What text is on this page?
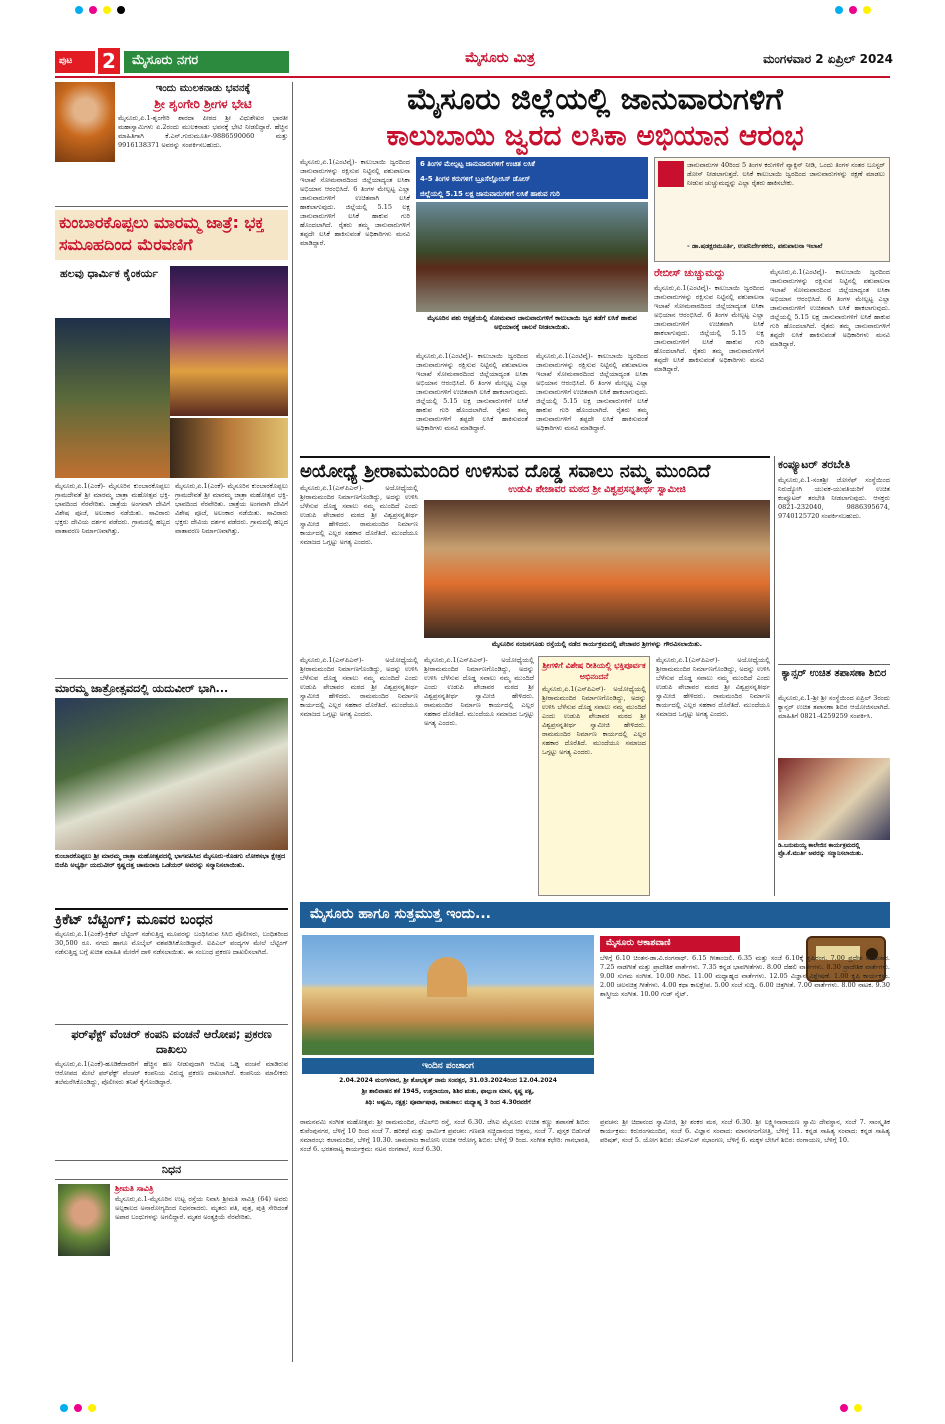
ಪುಟ	2	ಮೈಸೂರು ನಗರ	ಮೈಸೂರು ಮಿತ್ರ	ಮಂಗಳವಾರ 2 ಏಪ್ರಿಲ್ 2024
ಇಂದು ಮುಲಕನಾಡು ಭವನಕ್ಕೆ
ಶ್ರೀ ಶೃಂಗೇರಿ ಶ್ರೀಗಳ ಭೇಟಿ
ಮೈಸೂರು,ಏ.1-ಶೃಂಗೇರಿ ಶಾರದಾ ಪೀಠದ ಶ್ರೀ ವಿಧುಶೇಖರ ಭಾರತೀ ಮಹಾಸ್ವಾಮಿಗಳು ಏ.2ರಂದು ಮುಲಕನಾಡು ಭವನಕ್ಕೆ ಭೇಟಿ ನೀಡಲಿದ್ದಾರೆ. ಹೆಚ್ಚಿನ ಮಾಹಿತಿಗಾಗಿ ಕೆ.ಎನ್.ಗುರುಮೂರ್ತಿ-9886590060 ಮತ್ತು 9916138371 ಅವರನ್ನು ಸಂಪರ್ಕಿಸಬಹುದು.
ಕುಂಬಾರಕೊಪ್ಪಲು ಮಾರಮ್ಮ ಜಾತ್ರೆ: ಭಕ್ತ ಸಮೂಹದಿಂದ ಮೆರವಣಿಗೆ
ಹಲವು ಧಾರ್ಮಿಕ ಕೈಂಕರ್ಯ
ಮೈಸೂರು,ಏ.1(ಎಂಕೆ)- ಮೈಸೂರಿನ ಕುಂಬಾರಕೊಪ್ಪಲು ಗ್ರಾಮದೇವತೆ ಶ್ರೀ ಮಾರಮ್ಮ ಜಾತ್ರಾ ಮಹೋತ್ಸವ ಭಕ್ತಿ-ಭಾವದಿಂದ ನೆರವೇರಿತು. ಜಾತ್ರೆಯ ಅಂಗವಾಗಿ ದೇವಿಗೆ ವಿಶೇಷ ಪೂಜೆ, ಅಲಂಕಾರ ನಡೆಯಿತು. ಸಾವಿರಾರು ಭಕ್ತರು ದೇವಿಯ ದರ್ಶನ ಪಡೆದರು. ಗ್ರಾಮದಲ್ಲಿ ಹಬ್ಬದ ವಾತಾವರಣ ನಿರ್ಮಾಣವಾಗಿತ್ತು.
ಮೈಸೂರು,ಏ.1(ಎಂಕೆ)- ಮೈಸೂರಿನ ಕುಂಬಾರಕೊಪ್ಪಲು ಗ್ರಾಮದೇವತೆ ಶ್ರೀ ಮಾರಮ್ಮ ಜಾತ್ರಾ ಮಹೋತ್ಸವ ಭಕ್ತಿ-ಭಾವದಿಂದ ನೆರವೇರಿತು. ಜಾತ್ರೆಯ ಅಂಗವಾಗಿ ದೇವಿಗೆ ವಿಶೇಷ ಪೂಜೆ, ಅಲಂಕಾರ ನಡೆಯಿತು. ಸಾವಿರಾರು ಭಕ್ತರು ದೇವಿಯ ದರ್ಶನ ಪಡೆದರು. ಗ್ರಾಮದಲ್ಲಿ ಹಬ್ಬದ ವಾತಾವರಣ ನಿರ್ಮಾಣವಾಗಿತ್ತು.
ಮಾರಮ್ಮ ಜಾತ್ರೋತ್ಸವದಲ್ಲಿ ಯದುವೀರ್ ಭಾಗಿ...
ಕುಂಬಾರಕೊಪ್ಪಲು ಶ್ರೀ ಮಾರಮ್ಮ ಜಾತ್ರಾ ಮಹೋತ್ಸವದಲ್ಲಿ ಭಾಗವಹಿಸಿದ ಮೈಸೂರು-ಕೊಡಗು ಲೋಕಸಭಾ ಕ್ಷೇತ್ರದ ಬಿಜೆಪಿ ಅಭ್ಯರ್ಥಿ ಯದುವೀರ್ ಕೃಷ್ಣದತ್ತ ಚಾಮರಾಜ ಒಡೆಯರ್ ಅವರನ್ನು ಸನ್ಮಾನಿಸಲಾಯಿತು.
ಕ್ರಿಕೆಟ್ ಬೆಟ್ಟಿಂಗ್; ಮೂವರ ಬಂಧನ
ಮೈಸೂರು,ಏ.1(ಎಂಕೆ)-ಕ್ರಿಕೆಟ್ ಬೆಟ್ಟಿಂಗ್ ನಡೆಸುತ್ತಿದ್ದ ಮೂವರನ್ನು ಬಂಧಿಸಿರುವ ಸಿಸಿಬಿ ಪೊಲೀಸರು, ಬಂಧಿತರಿಂದ 30,500 ರೂ. ನಗದು ಹಾಗೂ ಮೊಬೈಲ್ ವಶಪಡಿಸಿಕೊಂಡಿದ್ದಾರೆ. ಐಪಿಎಲ್ ಪಂದ್ಯಗಳ ಮೇಲೆ ಬೆಟ್ಟಿಂಗ್ ನಡೆಸುತ್ತಿದ್ದ ಬಗ್ಗೆ ಖಚಿತ ಮಾಹಿತಿ ಮೇರೆಗೆ ದಾಳಿ ನಡೆಸಲಾಯಿತು. ಈ ಸಂಬಂಧ ಪ್ರಕರಣ ದಾಖಲಿಸಲಾಗಿದೆ.
ಫರ್‌ಫೆಕ್ಟ್ ವೆಂಚರ್ ಕಂಪನಿ ವಂಚನೆ ಆರೋಪ; ಪ್ರಕರಣ ದಾಖಲು
ಮೈಸೂರು,ಏ.1(ಎಂಕೆ)-ಹೂಡಿಕೆದಾರರಿಗೆ ಹೆಚ್ಚಿನ ಹಣ ನೀಡುವುದಾಗಿ ಆಮಿಷ ಒಡ್ಡಿ ವಂಚನೆ ಮಾಡಿರುವ ಆರೋಪದ ಮೇಲೆ ಫರ್‌ಫೆಕ್ಟ್ ವೆಂಚರ್ ಕಂಪನಿಯ ವಿರುದ್ಧ ಪ್ರಕರಣ ದಾಖಲಾಗಿದೆ. ಕಂಪನಿಯ ಮಾಲೀಕರು ತಲೆಮರೆಸಿಕೊಂಡಿದ್ದು, ಪೊಲೀಸರು ತನಿಖೆ ಕೈಗೊಂಡಿದ್ದಾರೆ.
ನಿಧನ
ಶ್ರೀಮತಿ ಸಾವಿತ್ರಿ
ಮೈಸೂರು,ಏ.1-ಮೈಸೂರಿನ ಉಟ್ಟ ರಸ್ತೆಯ ನಿವಾಸಿ ಶ್ರೀಮತಿ ಸಾವಿತ್ರಿ (64) ಅವರು ಅಲ್ಪಕಾಲದ ಅನಾರೋಗ್ಯದಿಂದ ನಿಧನರಾದರು. ಮೃತರು ಪತಿ, ಪುತ್ರ, ಪುತ್ರಿ ಸೇರಿದಂತೆ ಅಪಾರ ಬಂಧುಗಳನ್ನು ಅಗಲಿದ್ದಾರೆ. ಮೃತರ ಅಂತ್ಯಕ್ರಿಯೆ ನೆರವೇರಿತು.
ಮೈಸೂರು ಜಿಲ್ಲೆಯಲ್ಲಿ ಜಾನುವಾರುಗಳಿಗೆ
ಕಾಲುಬಾಯಿ ಜ್ವರದ ಲಸಿಕಾ ಅಭಿಯಾನ ಆರಂಭ
ಮೈಸೂರು,ಏ.1(ಎಂಟಿವೈ)- ಕಾಲುಬಾಯಿ ಜ್ವರದಿಂದ ಜಾನುವಾರುಗಳನ್ನು ರಕ್ಷಿಸುವ ನಿಟ್ಟಿನಲ್ಲಿ ಪಶುಪಾಲನಾ ಇಲಾಖೆ ಸೋಮವಾರದಿಂದ ಜಿಲ್ಲೆಯಾದ್ಯಂತ ಲಸಿಕಾ ಅಭಿಯಾನ ಆರಂಭಿಸಿದೆ. 6 ತಿಂಗಳ ಮೇಲ್ಪಟ್ಟ ಎಲ್ಲಾ ಜಾನುವಾರುಗಳಿಗೆ ಉಚಿತವಾಗಿ ಲಸಿಕೆ ಹಾಕಲಾಗುವುದು. ಜಿಲ್ಲೆಯಲ್ಲಿ 5.15 ಲಕ್ಷ ಜಾನುವಾರುಗಳಿಗೆ ಲಸಿಕೆ ಹಾಕುವ ಗುರಿ ಹೊಂದಲಾಗಿದೆ. ರೈತರು ತಮ್ಮ ಜಾನುವಾರುಗಳಿಗೆ ತಪ್ಪದೇ ಲಸಿಕೆ ಹಾಕಿಸುವಂತೆ ಅಧಿಕಾರಿಗಳು ಮನವಿ ಮಾಡಿದ್ದಾರೆ.
6 ತಿಂಗಳ ಮೇಲ್ಪಟ್ಟ ಜಾನುವಾರುಗಳಿಗೆ ಉಚಿತ ಲಸಿಕೆ
4-5 ತಿಂಗಳ ಕರುಗಳಿಗೆ ಬ್ರೂಸೆಲ್ಲೋಸಿಸ್ ಡೋಸ್
ಜಿಲ್ಲೆಯಲ್ಲಿ 5.15 ಲಕ್ಷ ಜಾನುವಾರುಗಳಿಗೆ ಲಸಿಕೆ ಹಾಕುವ ಗುರಿ
ಮೈಸೂರಿನ ಪಶು ಆಸ್ಪತ್ರೆಯಲ್ಲಿ ಸೋಮವಾರ ಜಾನುವಾರುಗಳಿಗೆ ಕಾಲುಬಾಯಿ ಜ್ವರ ತಡೆಗೆ ಲಸಿಕೆ ಹಾಕುವ ಅಭಿಯಾನಕ್ಕೆ ಚಾಲನೆ ನೀಡಲಾಯಿತು.
ಮೈಸೂರು,ಏ.1(ಎಂಟಿವೈ)- ಕಾಲುಬಾಯಿ ಜ್ವರದಿಂದ ಜಾನುವಾರುಗಳನ್ನು ರಕ್ಷಿಸುವ ನಿಟ್ಟಿನಲ್ಲಿ ಪಶುಪಾಲನಾ ಇಲಾಖೆ ಸೋಮವಾರದಿಂದ ಜಿಲ್ಲೆಯಾದ್ಯಂತ ಲಸಿಕಾ ಅಭಿಯಾನ ಆರಂಭಿಸಿದೆ. 6 ತಿಂಗಳ ಮೇಲ್ಪಟ್ಟ ಎಲ್ಲಾ ಜಾನುವಾರುಗಳಿಗೆ ಉಚಿತವಾಗಿ ಲಸಿಕೆ ಹಾಕಲಾಗುವುದು. ಜಿಲ್ಲೆಯಲ್ಲಿ 5.15 ಲಕ್ಷ ಜಾನುವಾರುಗಳಿಗೆ ಲಸಿಕೆ ಹಾಕುವ ಗುರಿ ಹೊಂದಲಾಗಿದೆ. ರೈತರು ತಮ್ಮ ಜಾನುವಾರುಗಳಿಗೆ ತಪ್ಪದೇ ಲಸಿಕೆ ಹಾಕಿಸುವಂತೆ ಅಧಿಕಾರಿಗಳು ಮನವಿ ಮಾಡಿದ್ದಾರೆ.
ಮೈಸೂರು,ಏ.1(ಎಂಟಿವೈ)- ಕಾಲುಬಾಯಿ ಜ್ವರದಿಂದ ಜಾನುವಾರುಗಳನ್ನು ರಕ್ಷಿಸುವ ನಿಟ್ಟಿನಲ್ಲಿ ಪಶುಪಾಲನಾ ಇಲಾಖೆ ಸೋಮವಾರದಿಂದ ಜಿಲ್ಲೆಯಾದ್ಯಂತ ಲಸಿಕಾ ಅಭಿಯಾನ ಆರಂಭಿಸಿದೆ. 6 ತಿಂಗಳ ಮೇಲ್ಪಟ್ಟ ಎಲ್ಲಾ ಜಾನುವಾರುಗಳಿಗೆ ಉಚಿತವಾಗಿ ಲಸಿಕೆ ಹಾಕಲಾಗುವುದು. ಜಿಲ್ಲೆಯಲ್ಲಿ 5.15 ಲಕ್ಷ ಜಾನುವಾರುಗಳಿಗೆ ಲಸಿಕೆ ಹಾಕುವ ಗುರಿ ಹೊಂದಲಾಗಿದೆ. ರೈತರು ತಮ್ಮ ಜಾನುವಾರುಗಳಿಗೆ ತಪ್ಪದೇ ಲಸಿಕೆ ಹಾಕಿಸುವಂತೆ ಅಧಿಕಾರಿಗಳು ಮನವಿ ಮಾಡಿದ್ದಾರೆ.
ಜಾನುವಾರುಗಳ 40ರಿಂದ 5 ತಿಂಗಳ ಕರುಗಳಿಗೆ ವ್ಯಾಕ್ಸಿನ್ ನೀಡಿ, ಒಂದು ತಿಂಗಳ ನಂತರ ಬೂಸ್ಟರ್ ಡೋಸ್ ನೀಡಲಾಗುತ್ತದೆ. ಲಸಿಕೆ ಕಾಲುಬಾಯಿ ಜ್ವರದಿಂದ ಜಾನುವಾರುಗಳನ್ನು ರಕ್ಷಣೆ ಮಾಡಲು ನೀಡುವ ಚುಚ್ಚುಮದ್ದನ್ನು ಎಲ್ಲಾ ರೈತರು ಹಾಕಿಸಬೇಕು.
- ಡಾ.ಷಡಕ್ಷರಮೂರ್ತಿ, ಉಪನಿರ್ದೇಶಕರು, ಪಶುಪಾಲನಾ ಇಲಾಖೆ
ರೇಬೀಸ್ ಚುಚ್ಚುಮದ್ದು
ಮೈಸೂರು,ಏ.1(ಎಂಟಿವೈ)- ಕಾಲುಬಾಯಿ ಜ್ವರದಿಂದ ಜಾನುವಾರುಗಳನ್ನು ರಕ್ಷಿಸುವ ನಿಟ್ಟಿನಲ್ಲಿ ಪಶುಪಾಲನಾ ಇಲಾಖೆ ಸೋಮವಾರದಿಂದ ಜಿಲ್ಲೆಯಾದ್ಯಂತ ಲಸಿಕಾ ಅಭಿಯಾನ ಆರಂಭಿಸಿದೆ. 6 ತಿಂಗಳ ಮೇಲ್ಪಟ್ಟ ಎಲ್ಲಾ ಜಾನುವಾರುಗಳಿಗೆ ಉಚಿತವಾಗಿ ಲಸಿಕೆ ಹಾಕಲಾಗುವುದು. ಜಿಲ್ಲೆಯಲ್ಲಿ 5.15 ಲಕ್ಷ ಜಾನುವಾರುಗಳಿಗೆ ಲಸಿಕೆ ಹಾಕುವ ಗುರಿ ಹೊಂದಲಾಗಿದೆ. ರೈತರು ತಮ್ಮ ಜಾನುವಾರುಗಳಿಗೆ ತಪ್ಪದೇ ಲಸಿಕೆ ಹಾಕಿಸುವಂತೆ ಅಧಿಕಾರಿಗಳು ಮನವಿ ಮಾಡಿದ್ದಾರೆ.
ಮೈಸೂರು,ಏ.1(ಎಂಟಿವೈ)- ಕಾಲುಬಾಯಿ ಜ್ವರದಿಂದ ಜಾನುವಾರುಗಳನ್ನು ರಕ್ಷಿಸುವ ನಿಟ್ಟಿನಲ್ಲಿ ಪಶುಪಾಲನಾ ಇಲಾಖೆ ಸೋಮವಾರದಿಂದ ಜಿಲ್ಲೆಯಾದ್ಯಂತ ಲಸಿಕಾ ಅಭಿಯಾನ ಆರಂಭಿಸಿದೆ. 6 ತಿಂಗಳ ಮೇಲ್ಪಟ್ಟ ಎಲ್ಲಾ ಜಾನುವಾರುಗಳಿಗೆ ಉಚಿತವಾಗಿ ಲಸಿಕೆ ಹಾಕಲಾಗುವುದು. ಜಿಲ್ಲೆಯಲ್ಲಿ 5.15 ಲಕ್ಷ ಜಾನುವಾರುಗಳಿಗೆ ಲಸಿಕೆ ಹಾಕುವ ಗುರಿ ಹೊಂದಲಾಗಿದೆ. ರೈತರು ತಮ್ಮ ಜಾನುವಾರುಗಳಿಗೆ ತಪ್ಪದೇ ಲಸಿಕೆ ಹಾಕಿಸುವಂತೆ ಅಧಿಕಾರಿಗಳು ಮನವಿ ಮಾಡಿದ್ದಾರೆ.
ಅಯೋಧ್ಯೆ ಶ್ರೀರಾಮಮಂದಿರ ಉಳಿಸುವ ದೊಡ್ಡ ಸವಾಲು ನಮ್ಮ ಮುಂದಿದೆ
ಮೈಸೂರು,ಏ.1(ಎಸ್‌ಪಿಎನ್)- ಅಯೋಧ್ಯೆಯಲ್ಲಿ ಶ್ರೀರಾಮಮಂದಿರ ನಿರ್ಮಾಣಗೊಂಡಿದ್ದು, ಅದನ್ನು ಉಳಿಸಿ ಬೆಳೆಸುವ ದೊಡ್ಡ ಸವಾಲು ನಮ್ಮ ಮುಂದಿದೆ ಎಂದು ಉಡುಪಿ ಪೇಜಾವರ ಮಠದ ಶ್ರೀ ವಿಶ್ವಪ್ರಸನ್ನತೀರ್ಥ ಸ್ವಾಮೀಜಿ ಹೇಳಿದರು. ರಾಮಮಂದಿರ ನಿರ್ಮಾಣ ಕಾರ್ಯದಲ್ಲಿ ಎಲ್ಲರ ಸಹಕಾರ ದೊರೆತಿದೆ. ಮುಂದೆಯೂ ಸಮಾಜದ ಒಗ್ಗಟ್ಟು ಅಗತ್ಯ ಎಂದರು.
ಉಡುಪಿ ಪೇಜಾವರ ಮಠದ ಶ್ರೀ ವಿಶ್ವಪ್ರಸನ್ನತೀರ್ಥ ಸ್ವಾಮೀಜಿ
ಮೈಸೂರಿನ ನಂಜನಗೂಡು ರಸ್ತೆಯಲ್ಲಿ ನಡೆದ ಕಾರ್ಯಕ್ರಮದಲ್ಲಿ ಪೇಜಾವರ ಶ್ರೀಗಳನ್ನು ಗೌರವಿಸಲಾಯಿತು.
ಮೈಸೂರು,ಏ.1(ಎಸ್‌ಪಿಎನ್)- ಅಯೋಧ್ಯೆಯಲ್ಲಿ ಶ್ರೀರಾಮಮಂದಿರ ನಿರ್ಮಾಣಗೊಂಡಿದ್ದು, ಅದನ್ನು ಉಳಿಸಿ ಬೆಳೆಸುವ ದೊಡ್ಡ ಸವಾಲು ನಮ್ಮ ಮುಂದಿದೆ ಎಂದು ಉಡುಪಿ ಪೇಜಾವರ ಮಠದ ಶ್ರೀ ವಿಶ್ವಪ್ರಸನ್ನತೀರ್ಥ ಸ್ವಾಮೀಜಿ ಹೇಳಿದರು. ರಾಮಮಂದಿರ ನಿರ್ಮಾಣ ಕಾರ್ಯದಲ್ಲಿ ಎಲ್ಲರ ಸಹಕಾರ ದೊರೆತಿದೆ. ಮುಂದೆಯೂ ಸಮಾಜದ ಒಗ್ಗಟ್ಟು ಅಗತ್ಯ ಎಂದರು.
ಮೈಸೂರು,ಏ.1(ಎಸ್‌ಪಿಎನ್)- ಅಯೋಧ್ಯೆಯಲ್ಲಿ ಶ್ರೀರಾಮಮಂದಿರ ನಿರ್ಮಾಣಗೊಂಡಿದ್ದು, ಅದನ್ನು ಉಳಿಸಿ ಬೆಳೆಸುವ ದೊಡ್ಡ ಸವಾಲು ನಮ್ಮ ಮುಂದಿದೆ ಎಂದು ಉಡುಪಿ ಪೇಜಾವರ ಮಠದ ಶ್ರೀ ವಿಶ್ವಪ್ರಸನ್ನತೀರ್ಥ ಸ್ವಾಮೀಜಿ ಹೇಳಿದರು. ರಾಮಮಂದಿರ ನಿರ್ಮಾಣ ಕಾರ್ಯದಲ್ಲಿ ಎಲ್ಲರ ಸಹಕಾರ ದೊರೆತಿದೆ. ಮುಂದೆಯೂ ಸಮಾಜದ ಒಗ್ಗಟ್ಟು ಅಗತ್ಯ ಎಂದರು.
ಶ್ರೀಗಳಿಗೆ ವಿಶೇಷ ರೀತಿಯಲ್ಲಿ ಭಕ್ತಿಪೂರ್ವಕ ಅಭಿನಂದನೆ
ಮೈಸೂರು,ಏ.1(ಎಸ್‌ಪಿಎನ್)- ಅಯೋಧ್ಯೆಯಲ್ಲಿ ಶ್ರೀರಾಮಮಂದಿರ ನಿರ್ಮಾಣಗೊಂಡಿದ್ದು, ಅದನ್ನು ಉಳಿಸಿ ಬೆಳೆಸುವ ದೊಡ್ಡ ಸವಾಲು ನಮ್ಮ ಮುಂದಿದೆ ಎಂದು ಉಡುಪಿ ಪೇಜಾವರ ಮಠದ ಶ್ರೀ ವಿಶ್ವಪ್ರಸನ್ನತೀರ್ಥ ಸ್ವಾಮೀಜಿ ಹೇಳಿದರು. ರಾಮಮಂದಿರ ನಿರ್ಮಾಣ ಕಾರ್ಯದಲ್ಲಿ ಎಲ್ಲರ ಸಹಕಾರ ದೊರೆತಿದೆ. ಮುಂದೆಯೂ ಸಮಾಜದ ಒಗ್ಗಟ್ಟು ಅಗತ್ಯ ಎಂದರು.
ಮೈಸೂರು,ಏ.1(ಎಸ್‌ಪಿಎನ್)- ಅಯೋಧ್ಯೆಯಲ್ಲಿ ಶ್ರೀರಾಮಮಂದಿರ ನಿರ್ಮಾಣಗೊಂಡಿದ್ದು, ಅದನ್ನು ಉಳಿಸಿ ಬೆಳೆಸುವ ದೊಡ್ಡ ಸವಾಲು ನಮ್ಮ ಮುಂದಿದೆ ಎಂದು ಉಡುಪಿ ಪೇಜಾವರ ಮಠದ ಶ್ರೀ ವಿಶ್ವಪ್ರಸನ್ನತೀರ್ಥ ಸ್ವಾಮೀಜಿ ಹೇಳಿದರು. ರಾಮಮಂದಿರ ನಿರ್ಮಾಣ ಕಾರ್ಯದಲ್ಲಿ ಎಲ್ಲರ ಸಹಕಾರ ದೊರೆತಿದೆ. ಮುಂದೆಯೂ ಸಮಾಜದ ಒಗ್ಗಟ್ಟು ಅಗತ್ಯ ಎಂದರು.
ಕಂಪ್ಯೂಟರ್ ತರಬೇತಿ
ಮೈಸೂರು,ಏ.1-ಸಂತಶ್ರೀ ಜೋಸೆಫ್ ಸಂಸ್ಥೆಯಿಂದ ನಿರುದ್ಯೋಗಿ ಯುವಕ-ಯುವತಿಯರಿಗೆ ಉಚಿತ ಕಂಪ್ಯೂಟರ್ ತರಬೇತಿ ನೀಡಲಾಗುವುದು. ಆಸಕ್ತರು 0821-232040, 9886395674, 9740125720 ಸಂಪರ್ಕಿಸಬಹುದು.
ಕ್ಯಾನ್ಸರ್ ಉಚಿತ ತಪಾಸಣಾ ಶಿಬಿರ
ಮೈಸೂರು,ಏ.1-ಶ್ರೀ ಶ್ರೀ ಸಂಸ್ಥೆಯಿಂದ ಏಪ್ರಿಲ್ 3ರಂದು ಕ್ಯಾನ್ಸರ್ ಉಚಿತ ತಪಾಸಣಾ ಶಿಬಿರ ಆಯೋಜಿಸಲಾಗಿದೆ. ಮಾಹಿತಿಗೆ 0821-4259259 ಸಂಪರ್ಕಿಸಿ.
ಡಿ.ಬನುಮಯ್ಯ ಕಾಲೇಜಿನ ಕಾರ್ಯಕ್ರಮದಲ್ಲಿ ಪ್ರೊ.ಕೆ.ಮುರ್ತಿ ಅವರನ್ನು ಸನ್ಮಾನಿಸಲಾಯಿತು.
ಮೈಸೂರು ಹಾಗೂ ಸುತ್ತಮುತ್ತ ಇಂದು...
ಇಂದಿನ ಪಂಚಾಂಗ
2.04.2024 ಮಂಗಳವಾರ, ಶ್ರೀ ಶೋಭಕೃತ್ ನಾಮ ಸಂವತ್ಸರ, 31.03.2024ರಿಂದ 12.04.2024
ಶ್ರೀ ಶಾಲಿವಾಹನ ಶಕೆ 1945, ಉತ್ತರಾಯಣ, ಶಿಶಿರ ಋತು, ಫಾಲ್ಗುಣ ಮಾಸ, ಕೃಷ್ಣ ಪಕ್ಷ,
ತಿಥಿ: ಅಷ್ಟಮಿ, ನಕ್ಷತ್ರ: ಪೂರ್ವಾಷಾಢ, ರಾಹುಕಾಲ: ಮಧ್ಯಾಹ್ನ 3 ರಿಂದ 4.30ರವರೆಗೆ
ಮೈಸೂರು ಆಕಾಶವಾಣಿ
ಬೆಳಿಗ್ಗೆ 6.10 ಚಿಂತನ-ಡಾ.ವಿ.ರಂಗನಾಥ್. 6.15 ಗೀತಾಂಜಲಿ. 6.35 ಮತ್ತು ಸಂಜೆ 6.10ಕ್ಕೆ ಕೃಷಿರಂಗ. 7.00 ಪ್ರದೇಶ ಸಮಾಚಾರ. 7.25 ನಾಡಗೀತೆ ಮತ್ತು ಪ್ರಾದೇಶಿಕ ವಾರ್ತೆಗಳು. 7.35 ಕನ್ನಡ ಭಾವಗೀತೆಗಳು. 8.00 ದೆಹಲಿ ವಾರ್ತೆಗಳು. 8.30 ಪ್ರಾದೇಶಿಕ ವಾರ್ತೆಗಳು. 9.00 ಸುಗಮ ಸಂಗೀತ. 10.00 ಗಿರಿವ. 11.00 ಮಧ್ಯಾಹ್ನದ ವಾರ್ತೆಗಳು. 12.05 ವಿಜ್ಞಾನ ವಿಶ್ಲೇಷಣೆ. 1.00 ಕೃಷಿ ಕಾರ್ಯಕ್ರಮ. 2.00 ಚಲನಚಿತ್ರ ಗೀತೆಗಳು. 4.00 ಕಥಾ ಕಾಲಕ್ಷೇಪ. 5.00 ಸಂಜೆ ಸುದ್ದಿ. 6.00 ಚಿತ್ರಗೀತೆ. 7.00 ವಾರ್ತೆಗಳು. 8.00 ನಾಟಕ. 9.30 ಶಾಸ್ತ್ರೀಯ ಸಂಗೀತ. 10.00 ಗುಡ್ ನೈಟ್.
ರಾಮನವಮಿ ಸಂಗೀತ ಮಹೋತ್ಸವ: ಶ್ರೀ ರಾಮಮಂದಿರ, ಜೆಎಲ್‌ಬಿ ರಸ್ತೆ, ಸಂಜೆ 6.30. ಜೆಸಿಐ ಮೈಸೂರು ಉಚಿತ ಕಣ್ಣು ತಪಾಸಣೆ ಶಿಬಿರ: ಕುವೆಂಪುನಗರ, ಬೆಳಿಗ್ಗೆ 10 ರಿಂದ ಸಂಜೆ 7. ಹರಿಕಥೆ ಮತ್ತು ಧಾರ್ಮಿಕ ಪ್ರವಚನ: ಗಣಪತಿ ಸಚ್ಚಿದಾನಂದ ಆಶ್ರಮ, ಸಂಜೆ 7. ಪುಸ್ತಕ ಬಿಡುಗಡೆ ಸಮಾರಂಭ: ಕಲಾಮಂದಿರ, ಬೆಳಿಗ್ಗೆ 10.30. ಚಾಮರಾಜ ಕಾಲೋನಿ ಉಚಿತ ಆರೋಗ್ಯ ಶಿಬಿರ: ಬೆಳಿಗ್ಗೆ 9 ರಿಂದ. ಸಂಗೀತ ಕಛೇರಿ: ಗಾನಭಾರತಿ, ಸಂಜೆ 6. ಭರತನಾಟ್ಯ ಕಾರ್ಯಕ್ರಮ: ನಟನ ರಂಗಶಾಲೆ, ಸಂಜೆ 6.30.
ಪ್ರವಚನ: ಶ್ರೀ ಚಿದಾನಂದ ಸ್ವಾಮೀಜಿ, ಶ್ರೀ ಶಂಕರ ಮಠ, ಸಂಜೆ 6.30. ಶ್ರೀ ಲಕ್ಷ್ಮೀನಾರಾಯಣ ಸ್ವಾಮಿ ದೇವಸ್ಥಾನ, ಸಂಜೆ 7. ಸಾಂಸ್ಕೃತಿಕ ಕಾರ್ಯಕ್ರಮ: ಕಿರುರಂಗಮಂದಿರ, ಸಂಜೆ 6. ವಿಜ್ಞಾನ ಸಂವಾದ: ಮಾನಸಗಂಗೋತ್ರಿ, ಬೆಳಿಗ್ಗೆ 11. ಕನ್ನಡ ಸಾಹಿತ್ಯ ಸಂವಾದ: ಕನ್ನಡ ಸಾಹಿತ್ಯ ಪರಿಷತ್, ಸಂಜೆ 5. ಯೋಗ ಶಿಬಿರ: ಜೆಎಸ್‌ಎಸ್ ಸಭಾಂಗಣ, ಬೆಳಿಗ್ಗೆ 6. ಮಕ್ಕಳ ಬೇಸಿಗೆ ಶಿಬಿರ: ರಂಗಾಯಣ, ಬೆಳಿಗ್ಗೆ 10.
